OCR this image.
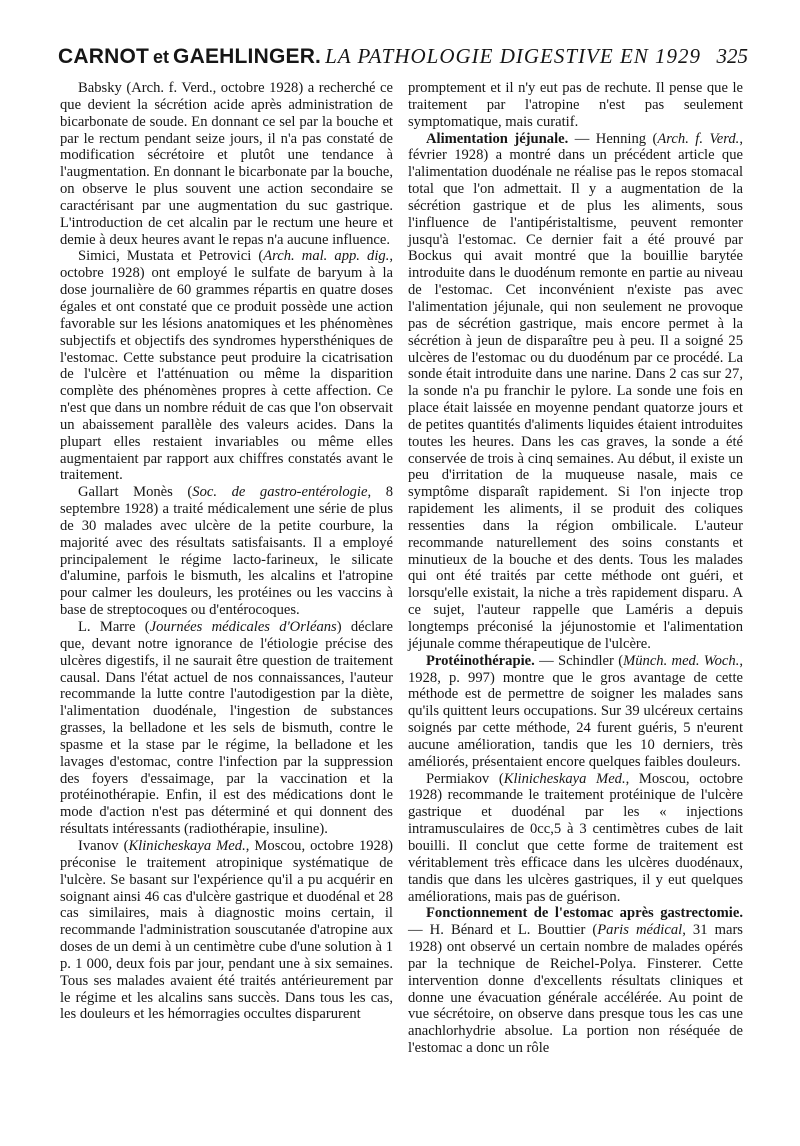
CARNOT et GAEHLINGER. LA PATHOLOGIE DIGESTIVE EN 1929 325

Babsky (Arch. f. Verd., octobre 1928) a recherché ce que devient la sécrétion acide après administration de bicarbonate de soude. En donnant ce sel par la bouche et par le rectum pendant seize jours, il n'a pas constaté de modification sécrétoire et plutôt une tendance à l'augmentation. En donnant le bicarbonate par la bouche, on observe le plus souvent une action secondaire se caractérisant par une augmentation du suc gastrique. L'introduction de cet alcalin par le rectum une heure et demie à deux heures avant le repas n'a aucune influence.

Simici, Mustata et Petrovici (Arch. mal. app. dig., octobre 1928) ont employé le sulfate de baryum à la dose journalière de 60 grammes répartis en quatre doses égales et ont constaté que ce produit possède une action favorable sur les lésions anatomiques et les phénomènes subjectifs et objectifs des syndromes hypersthéniques de l'estomac. Cette substance peut produire la cicatrisation de l'ulcère et l'atténuation ou même la disparition complète des phénomènes propres à cette affection. Ce n'est que dans un nombre réduit de cas que l'on observait un abaissement parallèle des valeurs acides. Dans la plupart elles restaient invariables ou même elles augmentaient par rapport aux chiffres constatés avant le traitement.

Gallart Monès (Soc. de gastro-entérologie, 8 septembre 1928) a traité médicalement une série de plus de 30 malades avec ulcère de la petite courbure, la majorité avec des résultats satisfaisants. Il a employé principalement le régime lacto-farineux, le silicate d'alumine, parfois le bismuth, les alcalins et l'atropine pour calmer les douleurs, les protéines ou les vaccins à base de streptocoques ou d'entérocoques.

L. Marre (Journées médicales d'Orléans) déclare que, devant notre ignorance de l'étiologie précise des ulcères digestifs, il ne saurait être question de traitement causal. Dans l'état actuel de nos connaissances, l'auteur recommande la lutte contre l'autodigestion par la diète, l'alimentation duodénale, l'ingestion de substances grasses, la belladone et les sels de bismuth, contre le spasme et la stase par le régime, la belladone et les lavages d'estomac, contre l'infection par la suppression des foyers d'essaimage, par la vaccination et la protéinothérapie. Enfin, il est des médications dont le mode d'action n'est pas déterminé et qui donnent des résultats intéressants (radiothérapie, insuline).

Ivanov (Klinicheskaya Med., Moscou, octobre 1928) préconise le traitement atropinique systématique de l'ulcère. Se basant sur l'expérience qu'il a pu acquérir en soignant ainsi 46 cas d'ulcère gastrique et duodénal et 28 cas similaires, mais à diagnostic moins certain, il recommande l'administration souscutanée d'atropine aux doses de un demi à un centimètre cube d'une solution à 1 p. 1 000, deux fois par jour, pendant une à six semaines. Tous ses malades avaient été traités antérieurement par le régime et les alcalins sans succès. Dans tous les cas, les douleurs et les hémorragies occultes disparurent

promptement et il n'y eut pas de rechute. Il pense que le traitement par l'atropine n'est pas seulement symptomatique, mais curatif.

Alimentation jéjunale. — Henning (Arch. f. Verd., février 1928) a montré dans un précédent article que l'alimentation duodénale ne réalise pas le repos stomacal total que l'on admettait. Il y a augmentation de la sécrétion gastrique et de plus les aliments, sous l'influence de l'antipéristaltisme, peuvent remonter jusqu'à l'estomac. Ce dernier fait a été prouvé par Bockus qui avait montré que la bouillie barytée introduite dans le duodénum remonte en partie au niveau de l'estomac. Cet inconvénient n'existe pas avec l'alimentation jéjunale, qui non seulement ne provoque pas de sécrétion gastrique, mais encore permet à la sécrétion à jeun de disparaître peu à peu. Il a soigné 25 ulcères de l'estomac ou du duodénum par ce procédé. La sonde était introduite dans une narine. Dans 2 cas sur 27, la sonde n'a pu franchir le pylore. La sonde une fois en place était laissée en moyenne pendant quatorze jours et de petites quantités d'aliments liquides étaient introduites toutes les heures. Dans les cas graves, la sonde a été conservée de trois à cinq semaines. Au début, il existe un peu d'irritation de la muqueuse nasale, mais ce symptôme disparaît rapidement. Si l'on injecte trop rapidement les aliments, il se produit des coliques ressenties dans la région ombilicale. L'auteur recommande naturellement des soins constants et minutieux de la bouche et des dents. Tous les malades qui ont été traités par cette méthode ont guéri, et lorsqu'elle existait, la niche a très rapidement disparu. A ce sujet, l'auteur rappelle que Laméris a depuis longtemps préconisé la jéjunostomie et l'alimentation jéjunale comme thérapeutique de l'ulcère.

Protéinothérapie. — Schindler (Münch. med. Woch., 1928, p. 997) montre que le gros avantage de cette méthode est de permettre de soigner les malades sans qu'ils quittent leurs occupations. Sur 39 ulcéreux certains soignés par cette méthode, 24 furent guéris, 5 n'eurent aucune amélioration, tandis que les 10 derniers, très améliorés, présentaient encore quelques faibles douleurs.

Permiakov (Klinicheskaya Med., Moscou, octobre 1928) recommande le traitement protéinique de l'ulcère gastrique et duodénal par les « injections intramusculaires de 0cc,5 à 3 centimètres cubes de lait bouilli. Il conclut que cette forme de traitement est véritablement très efficace dans les ulcères duodénaux, tandis que dans les ulcères gastriques, il y eut quelques améliorations, mais pas de guérison.

Fonctionnement de l'estomac après gastrectomie. — H. Bénard et L. Bouttier (Paris médical, 31 mars 1928) ont observé un certain nombre de malades opérés par la technique de Reichel-Polya. Finsterer. Cette intervention donne d'excellents résultats cliniques et donne une évacuation générale accélérée. Au point de vue sécrétoire, on observe dans presque tous les cas une anachlorhydrie absolue. La portion non réséquée de l'estomac a donc un rôle
